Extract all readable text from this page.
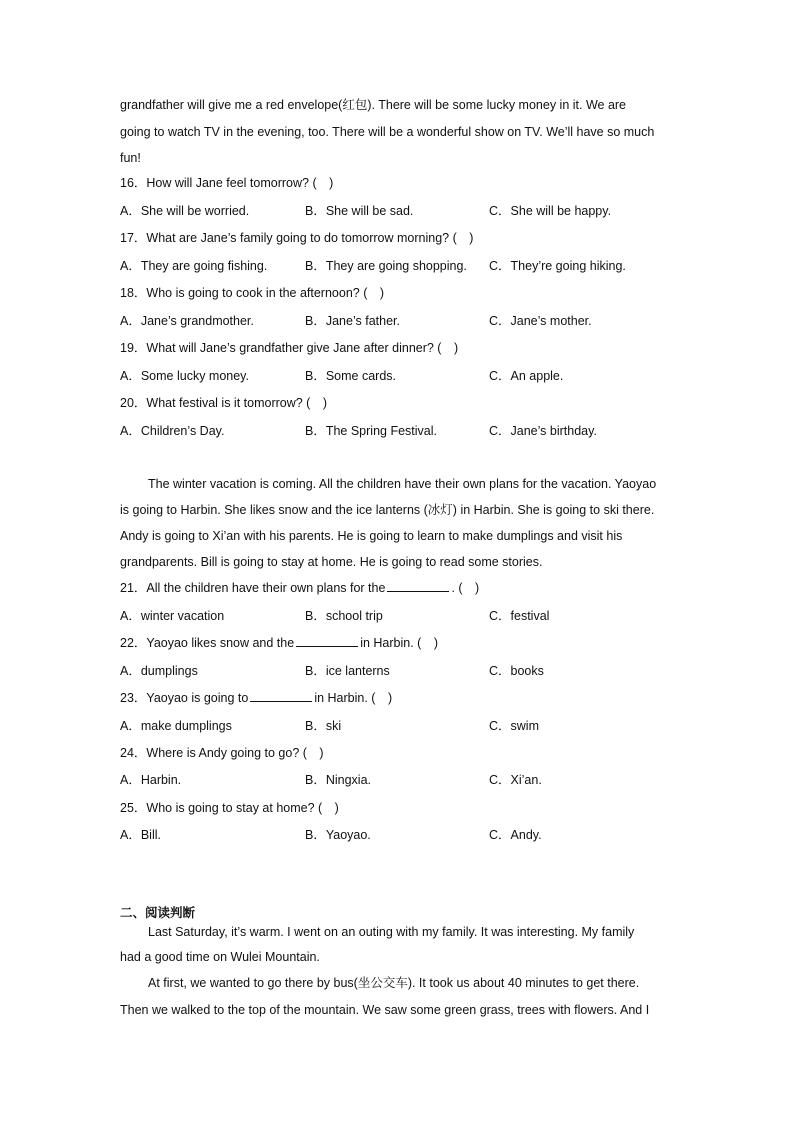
grandfather will give me a red envelope(红包). There will be some lucky money in it. We are
going to watch TV in the evening, too. There will be a wonderful show on TV. We’ll have so much
fun!
16．How will Jane feel tomorrow? (　)
A．She will be worried.	B．She will be sad.	C．She will be happy.
17．What are Jane’s family going to do tomorrow morning? (　)
A．They are going fishing.	B．They are going shopping. C．They’re going hiking.
18．Who is going to cook in the afternoon? (　)
A．Jane’s grandmother.	B．Jane’s father.	C．Jane’s mother.
19．What will Jane’s grandfather give Jane after dinner? (　)
A．Some lucky money.	B．Some cards.	C．An apple.
20．What festival is it tomorrow? (　)
A．Children’s Day.	B．The Spring Festival.	C．Jane’s birthday.
The winter vacation is coming. All the children have their own plans for the vacation. Yaoyao
is going to Harbin. She likes snow and the ice lanterns (冰灯) in Harbin. She is going to ski there.
Andy is going to Xi’an with his parents. He is going to learn to make dumplings and visit his
grandparents. Bill is going to stay at home. He is going to read some stories.
21．All the children have their own plans for the	. (　)
A．winter vacation	B．school trip	C．festival
22．Yaoyao likes snow and the	in Harbin. (　)
A．dumplings	B．ice lanterns	C．books
23．Yaoyao is going to	in Harbin. (　)
A．make dumplings	B．ski	C．swim
24．Where is Andy going to go? (　)
A．Harbin.	B．Ningxia.	C．Xi’an.
25．Who is going to stay at home? (　)
A．Bill.	B．Yaoyao.	C．Andy.
二、阅读判断
Last Saturday, it’s warm. I went on an outing with my family. It was interesting. My family
had a good time on Wulei Mountain.
At first, we wanted to go there by bus(坐公交车). It took us about 40 minutes to get there.
Then we walked to the top of the mountain. We saw some green grass, trees with flowers. And I
